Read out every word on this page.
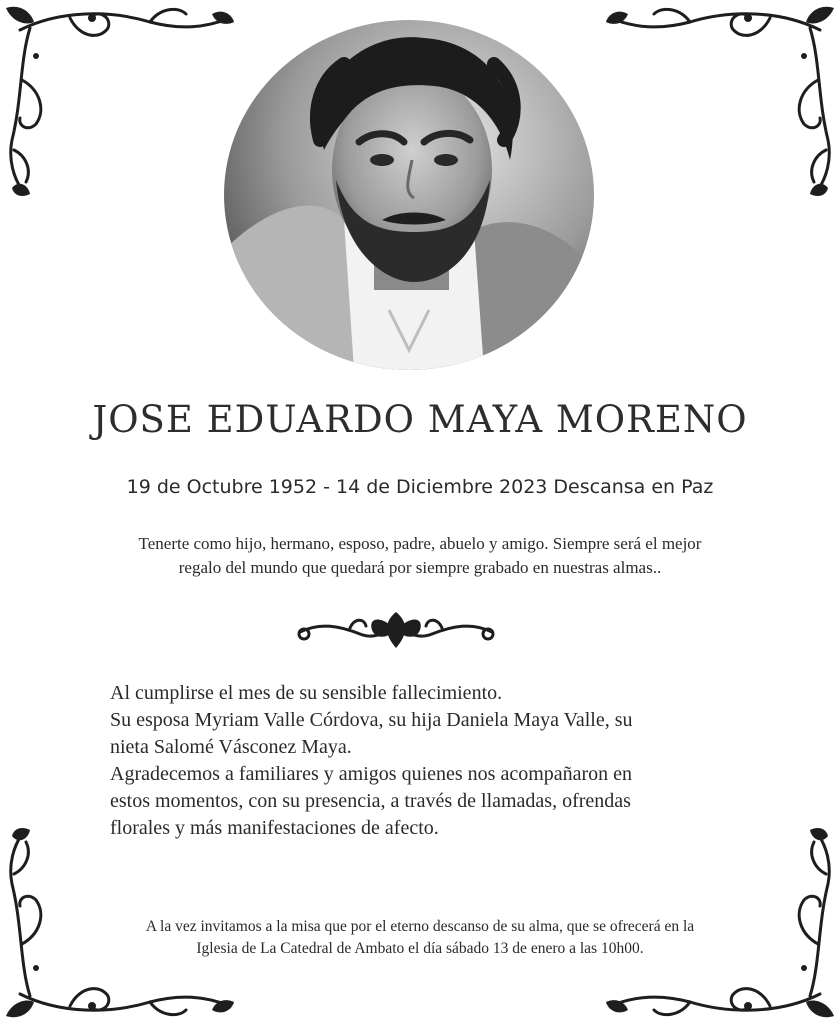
JOSE EDUARDO MAYA MORENO
19 de Octubre 1952 - 14 de Diciembre 2023 Descansa en Paz
Tenerte como hijo, hermano, esposo, padre, abuelo y amigo. Siempre será el mejor
regalo del mundo que quedará por siempre grabado en nuestras almas..

Al cumplirse el mes de su sensible fallecimiento.

Su esposa Myriam Valle Córdova, su hija Daniela Maya Valle, su

nieta Salomé Vásconez Maya.

Agradecemos a familiares y amigos quienes nos acompañaron en

estos momentos, con su presencia, a través de llamadas, ofrendas

florales y más manifestaciones de afecto.

A la vez invitamos a la misa que por el eterno descanso de su alma, que se ofrecerá en la
Iglesia de La Catedral de Ambato el día sábado 13 de enero a las 10h00.
